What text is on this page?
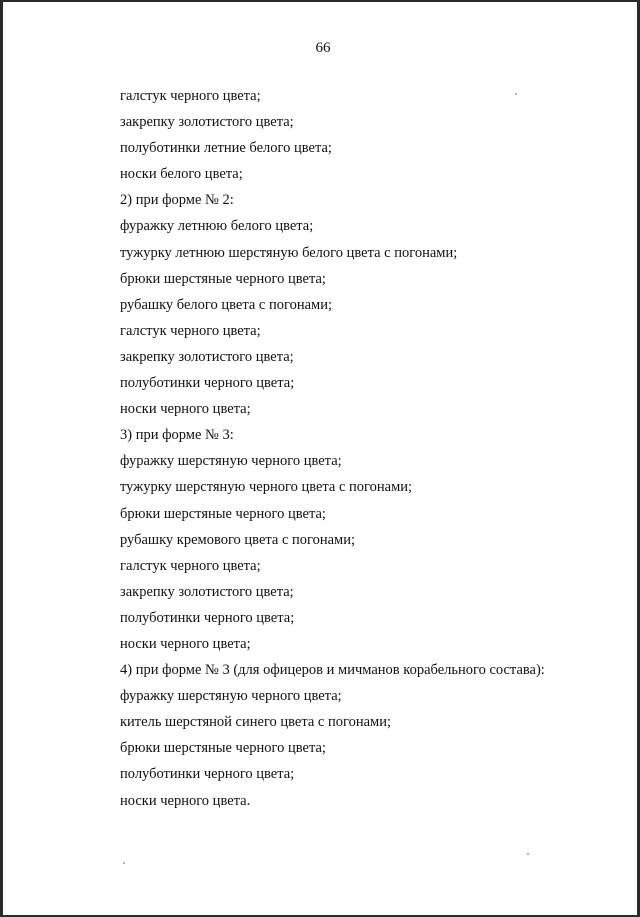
66
галстук черного цвета;
закрепку золотистого цвета;
полуботинки летние белого цвета;
носки белого цвета;
2) при форме № 2:
фуражку летнюю белого цвета;
тужурку летнюю шерстяную белого цвета с погонами;
брюки шерстяные черного цвета;
рубашку белого цвета с погонами;
галстук черного цвета;
закрепку золотистого цвета;
полуботинки черного цвета;
носки черного цвета;
3) при форме № 3:
фуражку шерстяную черного цвета;
тужурку шерстяную черного цвета с погонами;
брюки шерстяные черного цвета;
рубашку кремового цвета с погонами;
галстук черного цвета;
закрепку золотистого цвета;
полуботинки черного цвета;
носки черного цвета;
4) при форме № 3 (для офицеров и мичманов корабельного состава):
фуражку шерстяную черного цвета;
китель шерстяной синего цвета с погонами;
брюки шерстяные черного цвета;
полуботинки черного цвета;
носки черного цвета.
